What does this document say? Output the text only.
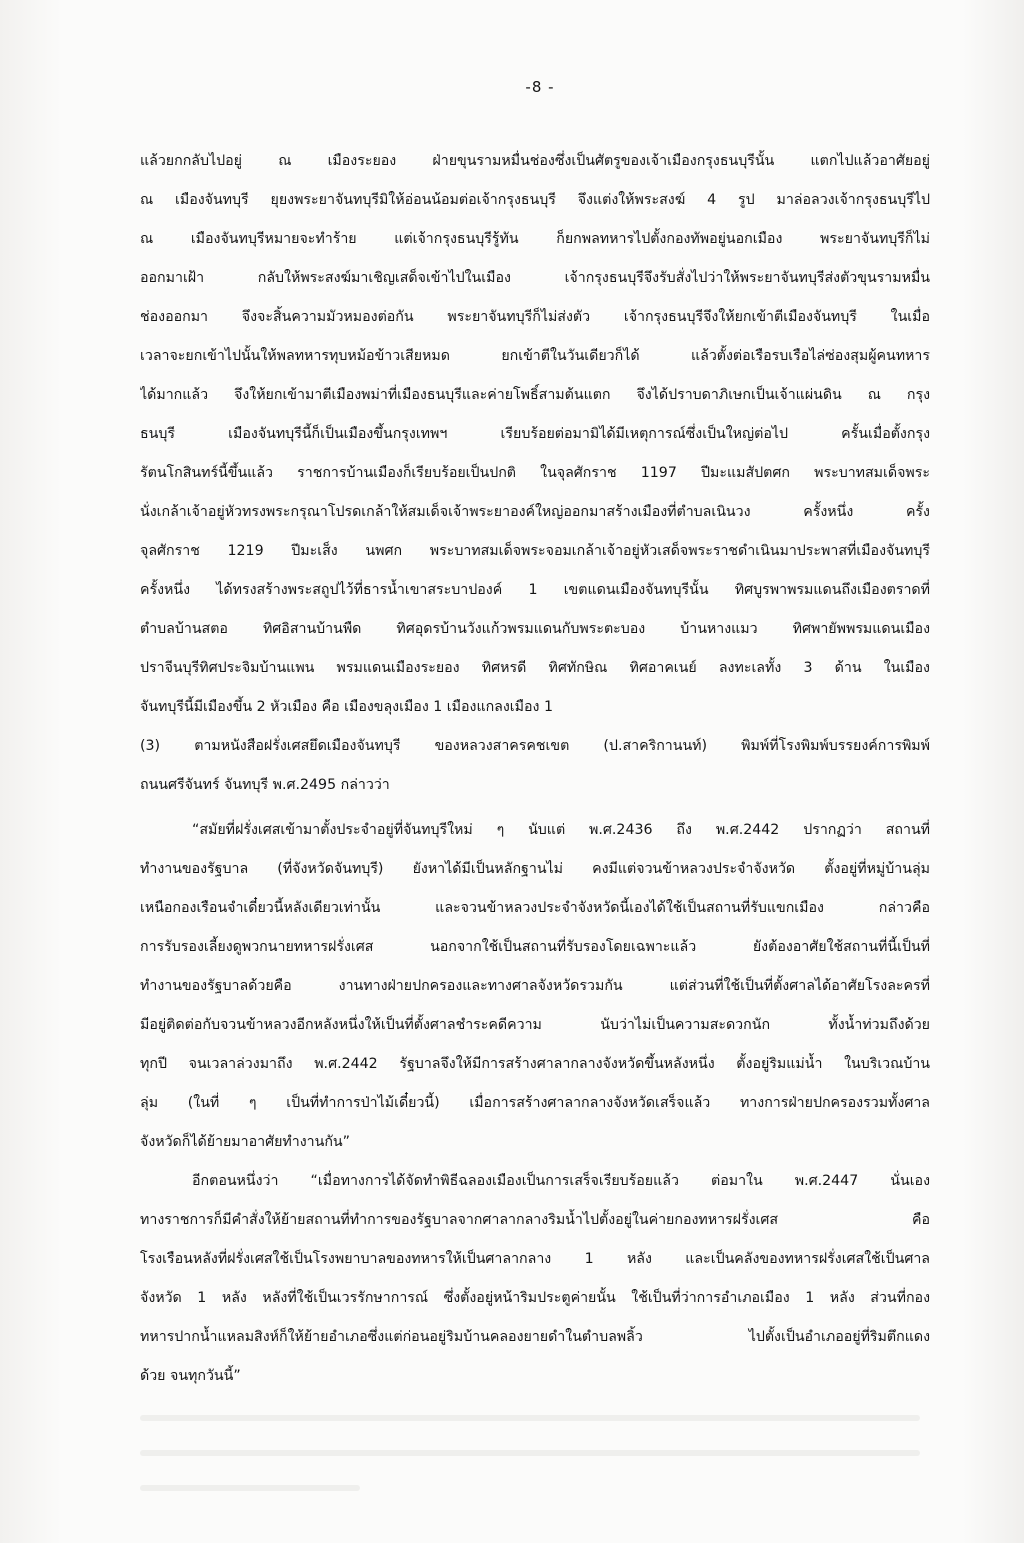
-8 -
แล้วยกกลับไปอยู่ ณ เมืองระยอง ฝ่ายขุนรามหมื่นช่องซึ่งเป็นศัตรูของเจ้าเมืองกรุงธนบุรีนั้น แตกไปแล้วอาศัยอยู่
ณ เมืองจันทบุรี ยุยงพระยาจันทบุรีมิให้อ่อนน้อมต่อเจ้ากรุงธนบุรี จึงแต่งให้พระสงฆ์ 4 รูป มาล่อลวงเจ้ากรุงธนบุรีไป
ณ เมืองจันทบุรีหมายจะทำร้าย แต่เจ้ากรุงธนบุรีรู้ทัน ก็ยกพลทหารไปตั้งกองทัพอยู่นอกเมือง พระยาจันทบุรีก็ไม่
ออกมาเฝ้า กลับให้พระสงฆ์มาเชิญเสด็จเข้าไปในเมือง เจ้ากรุงธนบุรีจึงรับสั่งไปว่าให้พระยาจันทบุรีส่งตัวขุนรามหมื่น
ช่องออกมา จึงจะสิ้นความมัวหมองต่อกัน พระยาจันทบุรีก็ไม่ส่งตัว เจ้ากรุงธนบุรีจึงให้ยกเข้าตีเมืองจันทบุรี ในเมื่อ
เวลาจะยกเข้าไปนั้นให้พลทหารทุบหม้อข้าวเสียหมด ยกเข้าตีในวันเดียวก็ได้ แล้วตั้งต่อเรือรบเรือไล่ซ่องสุมผู้คนทหาร
ได้มากแล้ว จึงให้ยกเข้ามาตีเมืองพม่าที่เมืองธนบุรีและค่ายโพธิ์สามต้นแตก จึงได้ปราบดาภิเษกเป็นเจ้าแผ่นดิน ณ กรุง
ธนบุรี เมืองจันทบุรีนี้ก็เป็นเมืองขึ้นกรุงเทพฯ เรียบร้อยต่อมามิได้มีเหตุการณ์ซึ่งเป็นใหญ่ต่อไป ครั้นเมื่อตั้งกรุง
รัตนโกสินทร์นี้ขึ้นแล้ว ราชการบ้านเมืองก็เรียบร้อยเป็นปกติ ในจุลศักราช 1197 ปีมะแมสัปตศก พระบาทสมเด็จพระ
นั่งเกล้าเจ้าอยู่หัวทรงพระกรุณาโปรดเกล้าให้สมเด็จเจ้าพระยาองค์ใหญ่ออกมาสร้างเมืองที่ตำบลเนินวง ครั้งหนึ่ง ครั้ง
จุลศักราช 1219 ปีมะเส็ง นพศก พระบาทสมเด็จพระจอมเกล้าเจ้าอยู่หัวเสด็จพระราชดำเนินมาประพาสที่เมืองจันทบุรี
ครั้งหนึ่ง ได้ทรงสร้างพระสถูปไว้ที่ธารน้ำเขาสระบาปองค์ 1 เขตแดนเมืองจันทบุรีนั้น ทิศบูรพาพรมแดนถึงเมืองตราดที่
ตำบลบ้านสตอ ทิศอิสานบ้านพืด ทิศอุดรบ้านวังแก้วพรมแดนกับพระตะบอง บ้านหางแมว ทิศพายัพพรมแดนเมือง
ปราจีนบุรีทิศประจิมบ้านแพน พรมแดนเมืองระยอง ทิศหรดี ทิศทักษิณ ทิศอาคเนย์ ลงทะเลทั้ง 3 ด้าน ในเมือง
จันทบุรีนี้มีเมืองขึ้น 2 หัวเมือง คือ เมืองขลุงเมือง 1 เมืองแกลงเมือง 1
(3) ตามหนังสือฝรั่งเศสยึดเมืองจันทบุรี ของหลวงสาครคชเขต (ป.สาคริกานนท์) พิมพ์ที่โรงพิมพ์บรรยงค์การพิมพ์
ถนนศรีจันทร์ จันทบุรี พ.ศ.2495 กล่าวว่า
“สมัยที่ฝรั่งเศสเข้ามาตั้งประจำอยู่ที่จันทบุรีใหม่ ๆ นับแต่ พ.ศ.2436 ถึง พ.ศ.2442 ปรากฏว่า สถานที่
ทำงานของรัฐบาล (ที่จังหวัดจันทบุรี) ยังหาได้มีเป็นหลักฐานไม่ คงมีแต่จวนข้าหลวงประจำจังหวัด ตั้งอยู่ที่หมู่บ้านลุ่ม
เหนือกองเรือนจำเดี๋ยวนี้หลังเดียวเท่านั้น และจวนข้าหลวงประจำจังหวัดนี้เองได้ใช้เป็นสถานที่รับแขกเมือง กล่าวคือ
การรับรองเลี้ยงดูพวกนายทหารฝรั่งเศส นอกจากใช้เป็นสถานที่รับรองโดยเฉพาะแล้ว ยังต้องอาศัยใช้สถานที่นี้เป็นที่
ทำงานของรัฐบาลด้วยคือ งานทางฝ่ายปกครองและทางศาลจังหวัดรวมกัน แต่ส่วนที่ใช้เป็นที่ตั้งศาลได้อาศัยโรงละครที่
มีอยู่ติดต่อกับจวนข้าหลวงอีกหลังหนึ่งให้เป็นที่ตั้งศาลชำระคดีความ นับว่าไม่เป็นความสะดวกนัก ทั้งน้ำท่วมถึงด้วย
ทุกปี จนเวลาล่วงมาถึง พ.ศ.2442 รัฐบาลจึงให้มีการสร้างศาลากลางจังหวัดขึ้นหลังหนึ่ง ตั้งอยู่ริมแม่น้ำ ในบริเวณบ้าน
ลุ่ม (ในที่ ๆ เป็นที่ทำการป่าไม้เดี๋ยวนี้) เมื่อการสร้างศาลากลางจังหวัดเสร็จแล้ว ทางการฝ่ายปกครองรวมทั้งศาล
จังหวัดก็ได้ย้ายมาอาศัยทำงานกัน”
อีกตอนหนึ่งว่า “เมื่อทางการได้จัดทำพิธีฉลองเมืองเป็นการเสร็จเรียบร้อยแล้ว ต่อมาใน พ.ศ.2447 นั่นเอง
ทางราชการก็มีคำสั่งให้ย้ายสถานที่ทำการของรัฐบาลจากศาลากลางริมน้ำไปตั้งอยู่ในค่ายกองทหารฝรั่งเศส คือ
โรงเรือนหลังที่ฝรั่งเศสใช้เป็นโรงพยาบาลของทหารให้เป็นศาลากลาง 1 หลัง และเป็นคลังของทหารฝรั่งเศสใช้เป็นศาล
จังหวัด 1 หลัง หลังที่ใช้เป็นเวรรักษาการณ์ ซึ่งตั้งอยู่หน้าริมประตูค่ายนั้น ใช้เป็นที่ว่าการอำเภอเมือง 1 หลัง ส่วนที่กอง
ทหารปากน้ำแหลมสิงห์ก็ให้ย้ายอำเภอซึ่งแต่ก่อนอยู่ริมบ้านคลองยายดำในตำบลพลิ้ว ไปตั้งเป็นอำเภออยู่ที่ริมตึกแดง
ด้วย จนทุกวันนี้”
